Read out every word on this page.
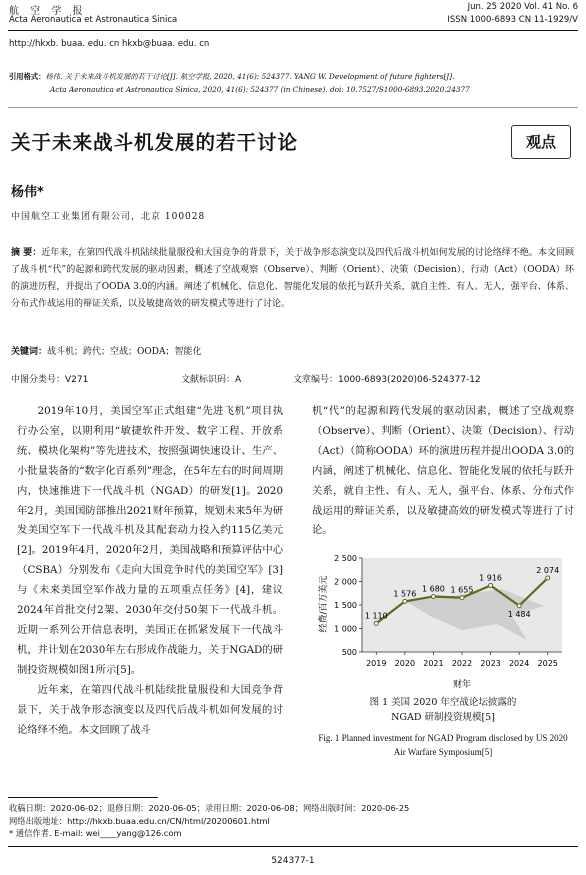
航 空 学 报
Acta Aeronautica et Astronautica Sinica
Jun. 25 2020 Vol. 41 No. 6
ISSN 1000-6893 CN 11-1929/V
http://hkxb. buaa. edu. cn hkxb@buaa. edu. cn
引用格式：杨伟. 关于未来战斗机发展的若干讨论[J]. 航空学报, 2020, 41(6): 524377. YANG W. Development of future fighters[J].
Acta Aeronautica et Astronautica Sinica, 2020, 41(6): 524377 (in Chinese). doi: 10.7527/S1000-6893.2020.24377
关于未来战斗机发展的若干讨论	观点
杨伟*
中国航空工业集团有限公司，北京 100028
摘 要：近年来，在第四代战斗机陆续批量服役和大国竞争的背景下，关于战争形态演变以及四代后战斗机如何发展的讨论络绎不绝。本文回顾了战斗机“代”的起源和跨代发展的驱动因素，概述了空战观察（Observe）、判断（Orient）、决策（Decision）、行动（Act）（OODA）环的演进历程，并提出了OODA 3.0的内涵。阐述了机械化、信息化、智能化发展的依托与跃升关系，就自主性、有人、无人，强平台、体系、分布式作战运用的辩证关系，以及敏捷高效的研发模式等进行了讨论。
关键词：战斗机；跨代；空战；OODA；智能化
中图分类号：V271	文献标识码：A	文章编号：1000-6893(2020)06-524377-12

2019年10月，美国空军正式组建“先进飞机”项目执行办公室，以期利用“敏捷软件开发、数字工程、开放系统、模块化架构”等先进技术，按照强调快速设计、生产、小批量装备的“数字化百系列”理念，在5年左右的时间周期内，快速推进下一代战斗机（NGAD）的研发[1]。2020年2月，美国国防部推出2021财年预算，规划未来5年为研发美国空军下一代战斗机及其配套动力投入约115亿美元[2]。2019年4月，2020年2月，美国战略和预算评估中心（CSBA）分别发布《走向大国竞争时代的美国空军》[3]与《未来美国空军作战力量的五项重点任务》[4]，建议2024年首批交付2架、2030年交付50架下一代战斗机。近期一系列公开信息表明，美国正在抓紧发展下一代战斗机，并计划在2030年左右形成作战能力，关于NGAD的研制投资规模如图1所示[5]。

近年来，在第四代战斗机陆续批量服役和大国竞争背景下，关于战争形态演变以及四代后战斗机如何发展的讨论络绎不绝。本文回顾了战斗

机“代”的起源和跨代发展的驱动因素，概述了空战观察（Observe）、判断（Orient）、决策（Decision）、行动（Act）（简称OODA）环的演进历程并提出OODA 3.0的内涵，阐述了机械化、信息化、智能化发展的依托与跃升关系，就自主性、有人、无人，强平台、体系、分布式作战运用的辩证关系，以及敏捷高效的研发模式等进行了讨论。

500
1 000
1 500
2 000
2 500
2019 2020 2021 2022 2023 2024 2025
1 110
1 576
1 680 1 655
1 916
1 484
2 074
经费/百万美元
财年
图 1 美国 2020 年空战论坛披露的
NGAD 研制投资规模[5]
Fig. 1 Planned investment for NGAD Program disclosed by US 2020 Air Warfare Symposium[5]
收稿日期：2020-06-02；退修日期：2020-06-05；录用日期：2020-06-08；网络出版时间：2020-06-25
网络出版地址：http://hkxb.buaa.edu.cn/CN/html/20200601.html
* 通信作者. E-mail: wei____yang@126.com
524377-1
